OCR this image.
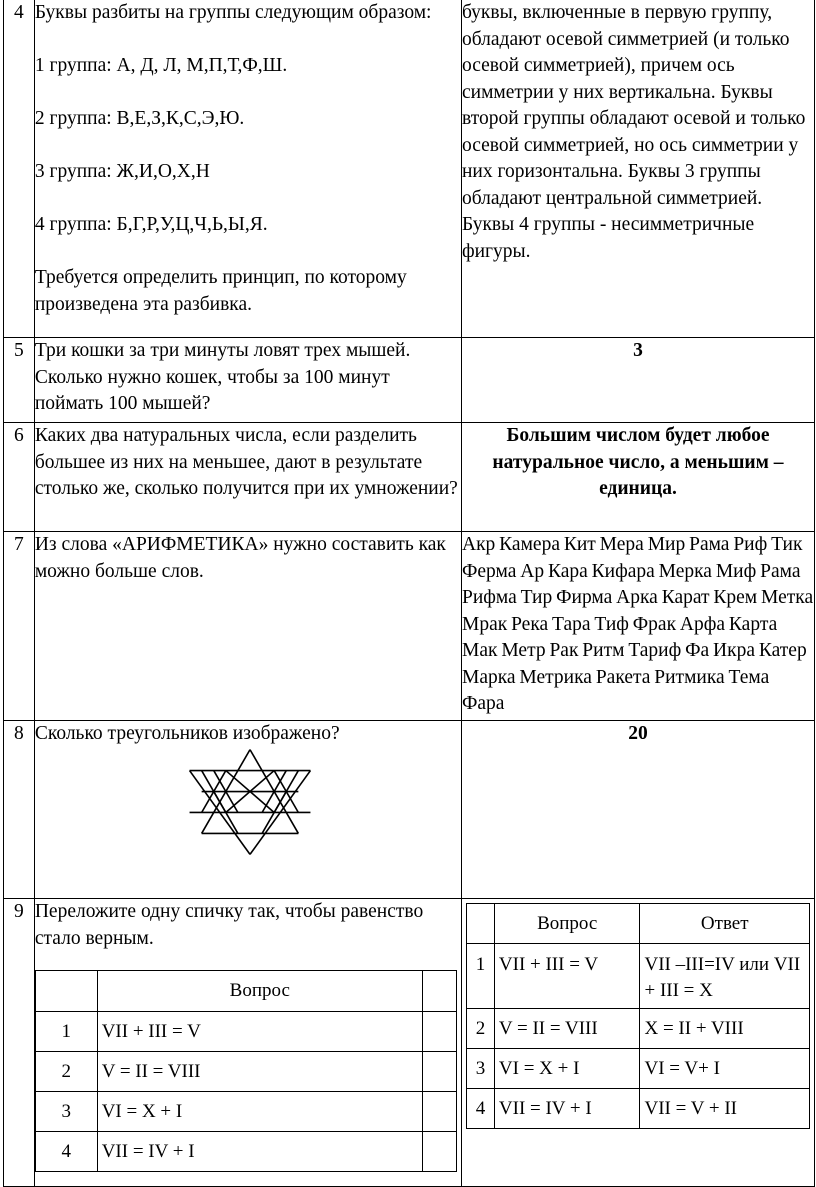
4	Буквы разбиты на группы следующим образом:

1 группа: А, Д, Л, М,П,Т,Ф,Ш.

2 группа: В,Е,З,К,С,Э,Ю.

3 группа: Ж,И,О,Х,Н

4 группа: Б,Г,Р,У,Ц,Ч,Ь,Ы,Я.

Требуется определить принцип, по которому произведена эта разбивка.

	буквы, включенные в первую группу, обладают осевой симметрией (и только осевой симметрией), причем ось симметрии у них вертикальна. Буквы второй группы обладают осевой и только осевой симметрией, но ось симметрии у них горизонтальна. Буквы 3 группы обладают центральной симметрией. Буквы 4 группы - несимметричные фигуры.
5	Три кошки за три минуты ловят трех мышей. Сколько нужно кошек, чтобы за 100 минут поймать 100 мышей?	3
6	Каких два натуральных числа, если разделить большее из них на меньшее, дают в результате столько же, сколько получится при их умножении?	Большим числом будет любое натуральное число, а меньшим – единица.
7	Из слова «АРИФМЕТИКА» нужно составить как можно больше слов.	Акр Камера Кит Мера Мир Рама Риф Тик Ферма Ар Кара Кифара Мерка Миф Рама Рифма Тир Фирма Арка Карат Крем Метка Мрак Река Тара Тиф Фрак Арфа Карта Мак Метр Рак Ритм Тариф Фа Икра Катер Марка Метрика Ракета Ритмика Тема Фара
8	Сколько треугольников изображено?	20
9	Переложите одну спичку так, чтобы равенство стало верным.

	Вопрос	
1	VII + III = V	
2	V = II = VIII	
3	VI = X + I	
4	VII = IV + I	

	Вопрос	Ответ
1	VII + III = V	VII –III=IV или VII + III = X
2	V = II = VIII	X = II + VIII
3	VI = X + I	VI = V+ I
4	VII = IV + I	VII = V + II
